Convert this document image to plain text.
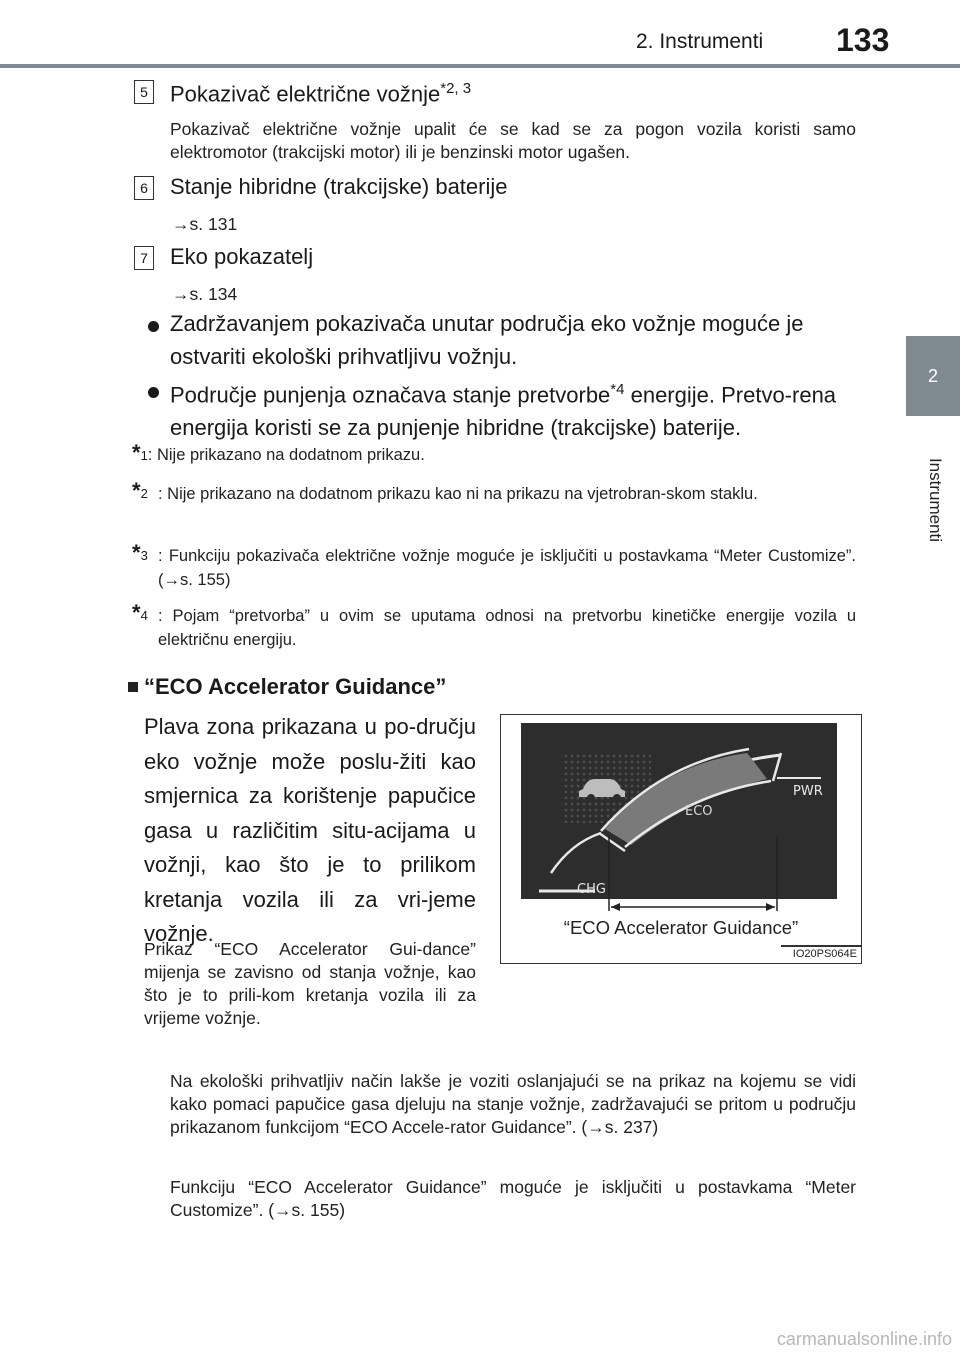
2. Instrumenti 133
2
Instrumenti
5 Pokazivač električne vožnje$^{*2, 3}$
Pokazivač električne vožnje upalit će se kad se za pogon vozila koristi samo elektromotor (trakcijski motor) ili je benzinski motor ugašen.
6 Stanje hibridne (trakcijske) baterije
→s. 131
7 Eko pokazatelj
→s. 134
Zadržavanjem pokazivača unutar područja eko vožnje moguće je ostvariti ekološki prihvatljivu vožnju.
Područje punjenja označava stanje pretvorbe$^{*4}$ energije. Pretvo-rena energija koristi se za punjenje hibridne (trakcijske) baterije.
*1: Nije prikazano na dodatnom prikazu.
*2 : Nije prikazano na dodatnom prikazu kao ni na prikazu na vjetrobran-skom staklu.
*3 : Funkciju pokazivača električne vožnje moguće je isključiti u postavkama “Meter Customize”. (→s. 155)
*4 : Pojam “pretvorba” u ovim se uputama odnosi na pretvorbu kinetičke energije vozila u električnu energiju.
“ECO Accelerator Guidance”
Plava zona prikazana u po-dručju eko vožnje može poslu-žiti kao smjernica za korištenje papučice gasa u različitim situ-acijama u vožnji, kao što je to prilikom kretanja vozila ili za vri-jeme vožnje.
Prikaz “ECO Accelerator Gui-dance” mijenja se zavisno od stanja vožnje, kao što je to prili-kom kretanja vozila ili za vrijeme vožnje.
ECO
PWR
CHG
“ECO Accelerator Guidance”
IO20PS064E
Na ekološki prihvatljiv način lakše je voziti oslanjajući se na prikaz na kojemu se vidi kako pomaci papučice gasa djeluju na stanje vožnje, zadržavajući se pritom u području prikazanom funkcijom “ECO Accele-rator Guidance”. (→s. 237)
Funkciju “ECO Accelerator Guidance” moguće je isključiti u postavkama “Meter Customize”. (→s. 155)
carmanualsonline.info
